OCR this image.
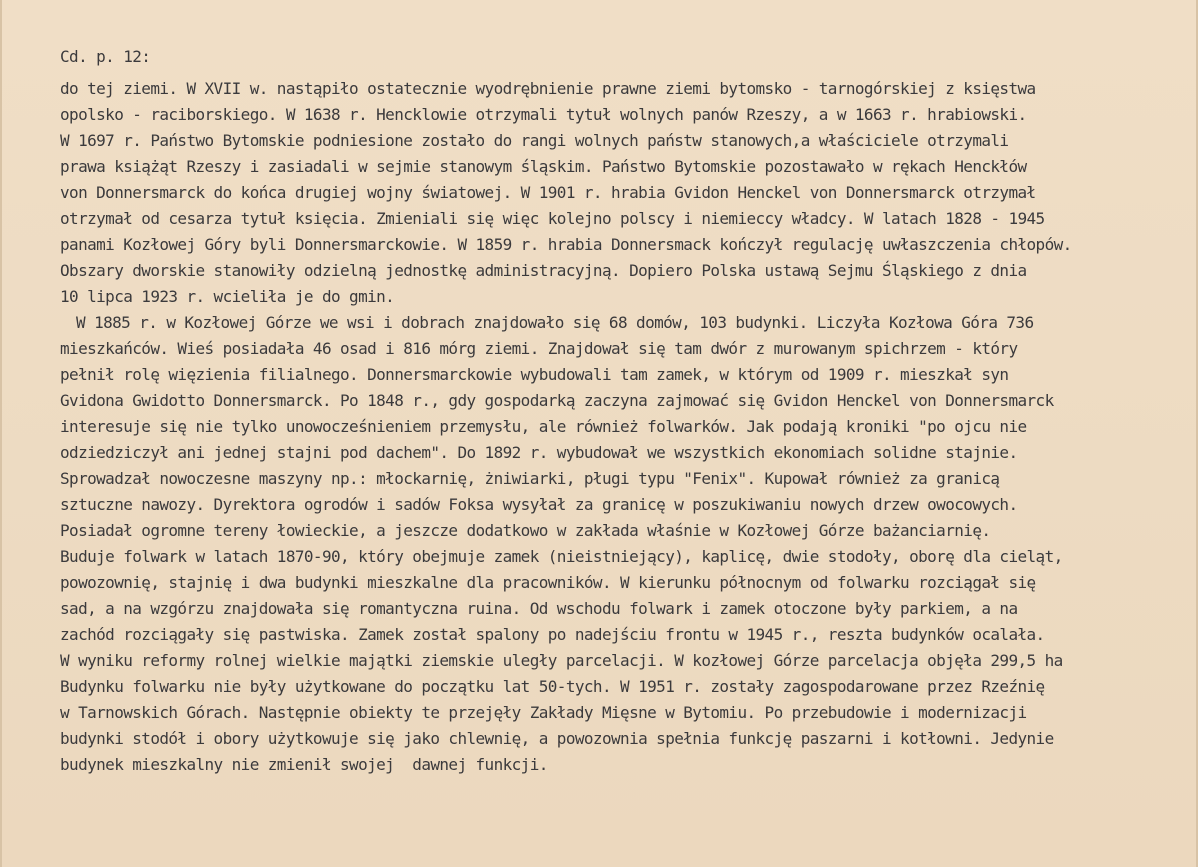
Cd. p. 12:
do tej ziemi. W XVII w. nastąpiło ostatecznie wyodrębnienie prawne ziemi bytomsko - tarnogórskiej z księstwa
opolsko - raciborskiego. W 1638 r. Hencklowie otrzymali tytuł wolnych panów Rzeszy, a w 1663 r. hrabiowski.
W 1697 r. Państwo Bytomskie podniesione zostało do rangi wolnych państw stanowych,a właściciele otrzymali
prawa książąt Rzeszy i zasiadali w sejmie stanowym śląskim. Państwo Bytomskie pozostawało w rękach Henckłów
von Donnersmarck do końca drugiej wojny światowej. W 1901 r. hrabia Gvidon Henckel von Donnersmarck otrzymał
otrzymał od cesarza tytuł księcia. Zmieniali się więc kolejno polscy i niemieccy władcy. W latach 1828 - 1945
panami Kozłowej Góry byli Donnersmarckowie. W 1859 r. hrabia Donnersmack kończył regulację uwłaszczenia chłopów.
Obszary dworskie stanowiły odzielną jednostkę administracyjną. Dopiero Polska ustawą Sejmu Śląskiego z dnia
10 lipca 1923 r. wcieliła je do gmin.
W 1885 r. w Kozłowej Górze we wsi i dobrach znajdowało się 68 domów, 103 budynki. Liczyła Kozłowa Góra 736
mieszkańców. Wieś posiadała 46 osad i 816 mórg ziemi. Znajdował się tam dwór z murowanym spichrzem - który
pełnił rolę więzienia filialnego. Donnersmarckowie wybudowali tam zamek, w którym od 1909 r. mieszkał syn
Gvidona Gwidotto Donnersmarck. Po 1848 r., gdy gospodarką zaczyna zajmować się Gvidon Henckel von Donnersmarck
interesuje się nie tylko unowocześnieniem przemysłu, ale również folwarków. Jak podają kroniki "po ojcu nie
odziedziczył ani jednej stajni pod dachem". Do 1892 r. wybudował we wszystkich ekonomiach solidne stajnie.
Sprowadzał nowoczesne maszyny np.: młockarnię, żniwiarki, pługi typu "Fenix". Kupował również za granicą
sztuczne nawozy. Dyrektora ogrodów i sadów Foksa wysyłał za granicę w poszukiwaniu nowych drzew owocowych.
Posiadał ogromne tereny łowieckie, a jeszcze dodatkowo w zakłada właśnie w Kozłowej Górze bażanciarnię.
Buduje folwark w latach 1870-90, który obejmuje zamek (nieistniejący), kaplicę, dwie stodoły, oborę dla cieląt,
powozownię, stajnię i dwa budynki mieszkalne dla pracowników. W kierunku północnym od folwarku rozciągał się
sad, a na wzgórzu znajdowała się romantyczna ruina. Od wschodu folwark i zamek otoczone były parkiem, a na
zachód rozciągały się pastwiska. Zamek został spalony po nadejściu frontu w 1945 r., reszta budynków ocalała.
W wyniku reformy rolnej wielkie majątki ziemskie uległy parcelacji. W kozłowej Górze parcelacja objęła 299,5 ha
Budynku folwarku nie były użytkowane do początku lat 50-tych. W 1951 r. zostały zagospodarowane przez Rzeźnię
w Tarnowskich Górach. Następnie obiekty te przejęły Zakłady Mięsne w Bytomiu. Po przebudowie i modernizacji
budynki stodół i obory użytkowuje się jako chlewnię, a powozownia spełnia funkcję paszarni i kotłowni. Jedynie
budynek mieszkalny nie zmienił swojej  dawnej funkcji.
